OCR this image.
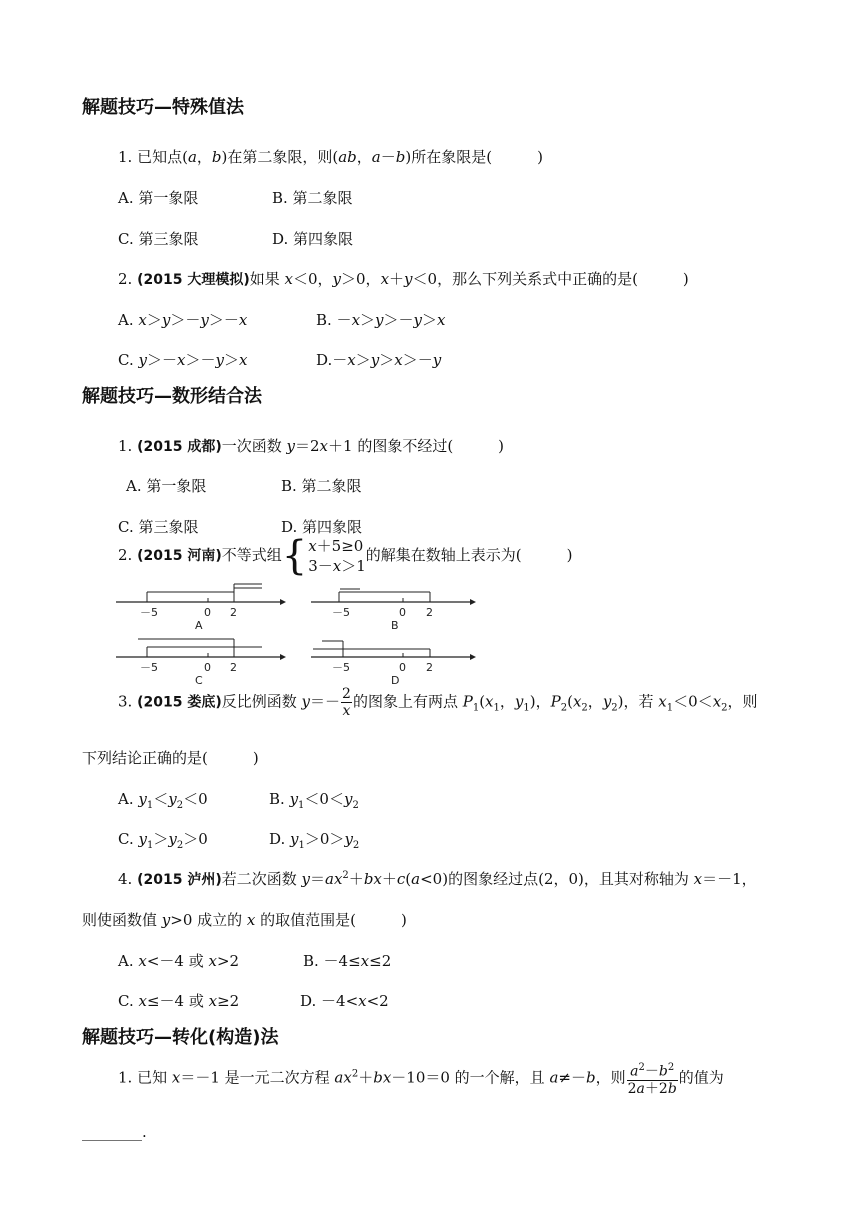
解题技巧—特殊值法
1. 已知点(a，b)在第二象限，则(ab，a－b)所在象限是(　　　)
A. 第一象限	B. 第二象限
C. 第三象限	D. 第四象限
2. (2015 大理模拟)如果 x＜0，y＞0，x＋y＜0，那么下列关系式中正确的是(　　　)
A. x＞y＞－y＞－x	B. －x＞y＞－y＞x
C. y＞－x＞－y＞x	D.－x＞y＞x＞－y
解题技巧—数形结合法
1. (2015 成都)一次函数 y＝2x＋1 的图象不经过(　　　)
A. 第一象限	B. 第二象限
C. 第三象限	D. 第四象限
2. (2015 河南)不等式组{ x＋5≥0
3－x＞1
的解集在数轴上表示为(　　　)
－5	0 2
A
－5	0 2
B
－5	0 2
C
－5	0 2
D
3. (2015 娄底)反比例函数 $y=- \frac{2}{x}$ 的图象上有两点 $P_1(x_1$，$y_1$)，$P_2(x_2$，$y_2$)，若 $x_1<0<x_2$，则
下列结论正确的是(　　　)
A. $y_1<y_2<0$	B. $y_1<0<y_2$
C. $y_1>y_2>0$	D. $y_1>0>y_2$
4. (2015 泸州)若二次函数 $y=ax^2+bx+c(a<0)$的图象经过点(2，0)，且其对称轴为 x＝－1，
则使函数值 y>0 成立的 x 的取值范围是(　　　)
A. x<－4 或 x>2	B. －4≤x≤2
C. x≤－4 或 x≥2	D. －4<x<2
解题技巧—转化(构造)法
1. 已知 x＝－1 是一元二次方程 $ax^2+bx-10=0$ 的一个解，且 a≠－b，则 $\frac{a^2-b^2}{2a+2b}$ 的值为
________.
